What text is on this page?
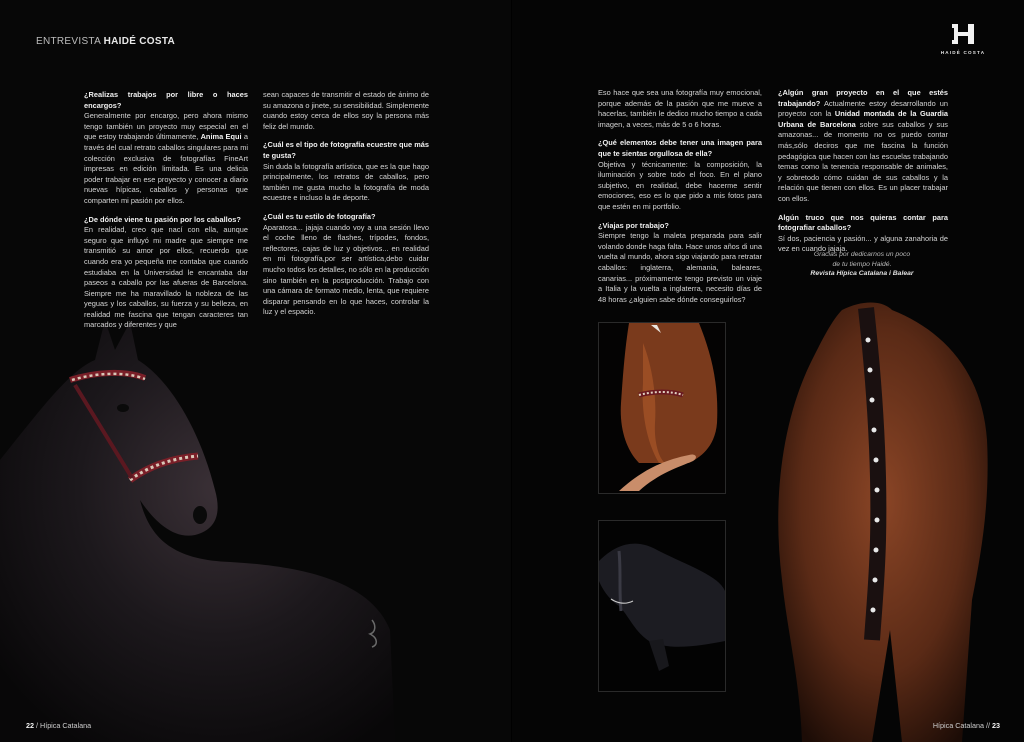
ENTREVISTA HAIDÉ COSTA

¿Realizas trabajos por libre o haces encargos?
Generalmente por encargo, pero ahora mismo tengo también un proyecto muy especial en el que estoy trabajando últimamente, Anima Equi a través del cual retrato caballos singulares para mi colección exclusiva de fotografías FineArt impresas en edición limitada. Es una delicia poder trabajar en ese proyecto y conocer a diario nuevas hípicas, caballos y personas que comparten mi pasión por ellos.

¿De dónde viene tu pasión por los caballos?
En realidad, creo que nací con ella, aunque seguro que influyó mi madre que siempre me transmitió su amor por ellos, recuerdo que cuando era yo pequeña me contaba que cuando estudiaba en la Universidad le encantaba dar paseos a caballo por las afueras de Barcelona. Siempre me ha maravillado la nobleza de las yeguas y los caballos, su fuerza y su belleza, en realidad me fascina que tengan caracteres tan marcados y diferentes y que

sean capaces de transmitir el estado de ánimo de su amazona o jinete, su sensibilidad. Simplemente cuando estoy cerca de ellos soy la persona más feliz del mundo.

¿Cuál es el tipo de fotografía ecuestre que más te gusta?
Sin duda la fotografía artística, que es la que hago principalmente, los retratos de caballos, pero también me gusta mucho la fotografía de moda ecuestre e incluso la de deporte.

¿Cuál es tu estilo de fotografía?
Aparatosa... jajaja cuando voy a una sesión llevo el coche lleno de flashes, trípodes, fondos, reflectores, cajas de luz y objetivos... en realidad en mi fotografía,por ser artística,debo cuidar mucho todos los detalles, no sólo en la producción sino también en la postproducción. Trabajo con una cámara de formato medio, lenta, que requiere disparar pensando en lo que haces, controlar la luz y el espacio.

22 / Hípica Catalana
HAIDÉ COSTA

Eso hace que sea una fotografía muy emocional, porque además de la pasión que me mueve a hacerlas, también le dedico mucho tiempo a cada imagen, a veces, más de 5 o 6 horas.

¿Qué elementos debe tener una imagen para que te sientas orgullosa de ella?
Objetiva y técnicamente: la composición, la iluminación y sobre todo el foco. En el plano subjetivo, en realidad, debe hacerme sentir emociones, eso es lo que pido a mis fotos para que estén en mi portfolio.

¿Viajas por trabajo?
Siempre tengo la maleta preparada para salir volando donde haga falta. Hace unos años di una vuelta al mundo, ahora sigo viajando para retratar caballos: inglaterra, alemania, baleares, canarias... próximamente tengo previsto un viaje a Italia y la vuelta a inglaterra, necesito días de 48 horas ¿alguien sabe dónde conseguirlos?

¿Algún gran proyecto en el que estés trabajando? Actualmente estoy desarrollando un proyecto con la Unidad montada de la Guardia Urbana de Barcelona sobre sus caballos y sus amazonas... de momento no os puedo contar más,sólo deciros que me fascina la función pedagógica que hacen con las escuelas trabajando temas como la tenencia responsable de animales, y sobretodo cómo cuidan de sus caballos y la relación que tienen con ellos. Es un placer trabajar con ellos.

Algún truco que nos quieras contar para fotografiar caballos?
Sí dos, paciencia y pasión... y alguna zanahoria de vez en cuando jajaja.

Gracias por dedicarnos un poco
de tu tiempo Haidé.
Revista Hípica Catalana i Balear
Hípica Catalana // 23
